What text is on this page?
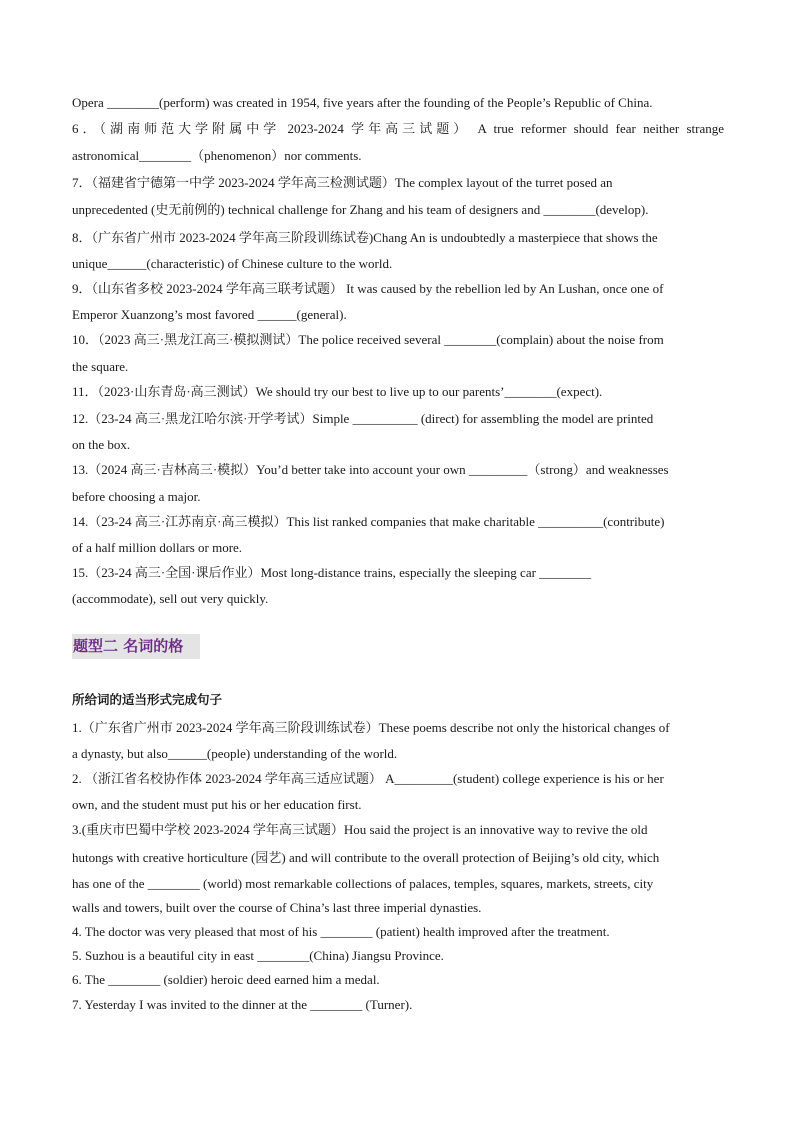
Opera ________(perform) was created in 1954, five years after the founding of the People’s Republic of China.
6．（湖南师范大学附属中学 2023-2024 学年高三试题） A true reformer should fear neither strange
astronomical________（phenomenon）nor comments.
7．（福建省宁德第一中学 2023-2024 学年高三检测试题）The complex layout of the turret posed an
unprecedented (史无前例的) technical challenge for Zhang and his team of designers and ________(develop).
8．（广东省广州市 2023-2024 学年高三阶段训练试卷)Chang An is undoubtedly a masterpiece that shows the
unique______(characteristic) of Chinese culture to the world.
9．（山东省多校 2023-2024 学年高三联考试题） It was caused by the rebellion led by An Lushan, once one of
Emperor Xuanzong’s most favored ______(general).
10．（2023 高三·黑龙江高三·模拟测试）The police received several ________(complain) about the noise from
the square.
11．（2023·山东青岛·高三测试）We should try our best to live up to our parents’________(expect).
12.（23-24 高三·黑龙江哈尔滨·开学考试）Simple __________ (direct) for assembling the model are printed
on the box.
13.（2024 高三·吉林高三·模拟）You’d better take into account your own _________（strong）and weaknesses
before choosing a major.
14.（23-24 高三·江苏南京·高三模拟）This list ranked companies that make charitable __________(contribute)
of a half million dollars or more.
15.（23-24 高三·全国·课后作业）Most long-distance trains, especially the sleeping car ________
(accommodate), sell out very quickly.
题型二 名词的格
所给词的适当形式完成句子
1.（广东省广州市 2023-2024 学年高三阶段训练试卷）These poems describe not only the historical changes of
a dynasty, but also______(people) understanding of the world.
2. （浙江省名校协作体 2023-2024 学年高三适应试题） A_________(student) college experience is his or her
own, and the student must put his or her education first.
3.(重庆市巴蜀中学校 2023-2024 学年高三试题）Hou said the project is an innovative way to revive the old
hutongs with creative horticulture (园艺) and will contribute to the overall protection of Beijing’s old city, which
has one of the ________ (world) most remarkable collections of palaces, temples, squares, markets, streets, city
walls and towers, built over the course of China’s last three imperial dynasties.
4. The doctor was very pleased that most of his ________ (patient) health improved after the treatment.
5. Suzhou is a beautiful city in east ________(China) Jiangsu Province.
6. The ________ (soldier) heroic deed earned him a medal.
7. Yesterday I was invited to the dinner at the ________ (Turner).
